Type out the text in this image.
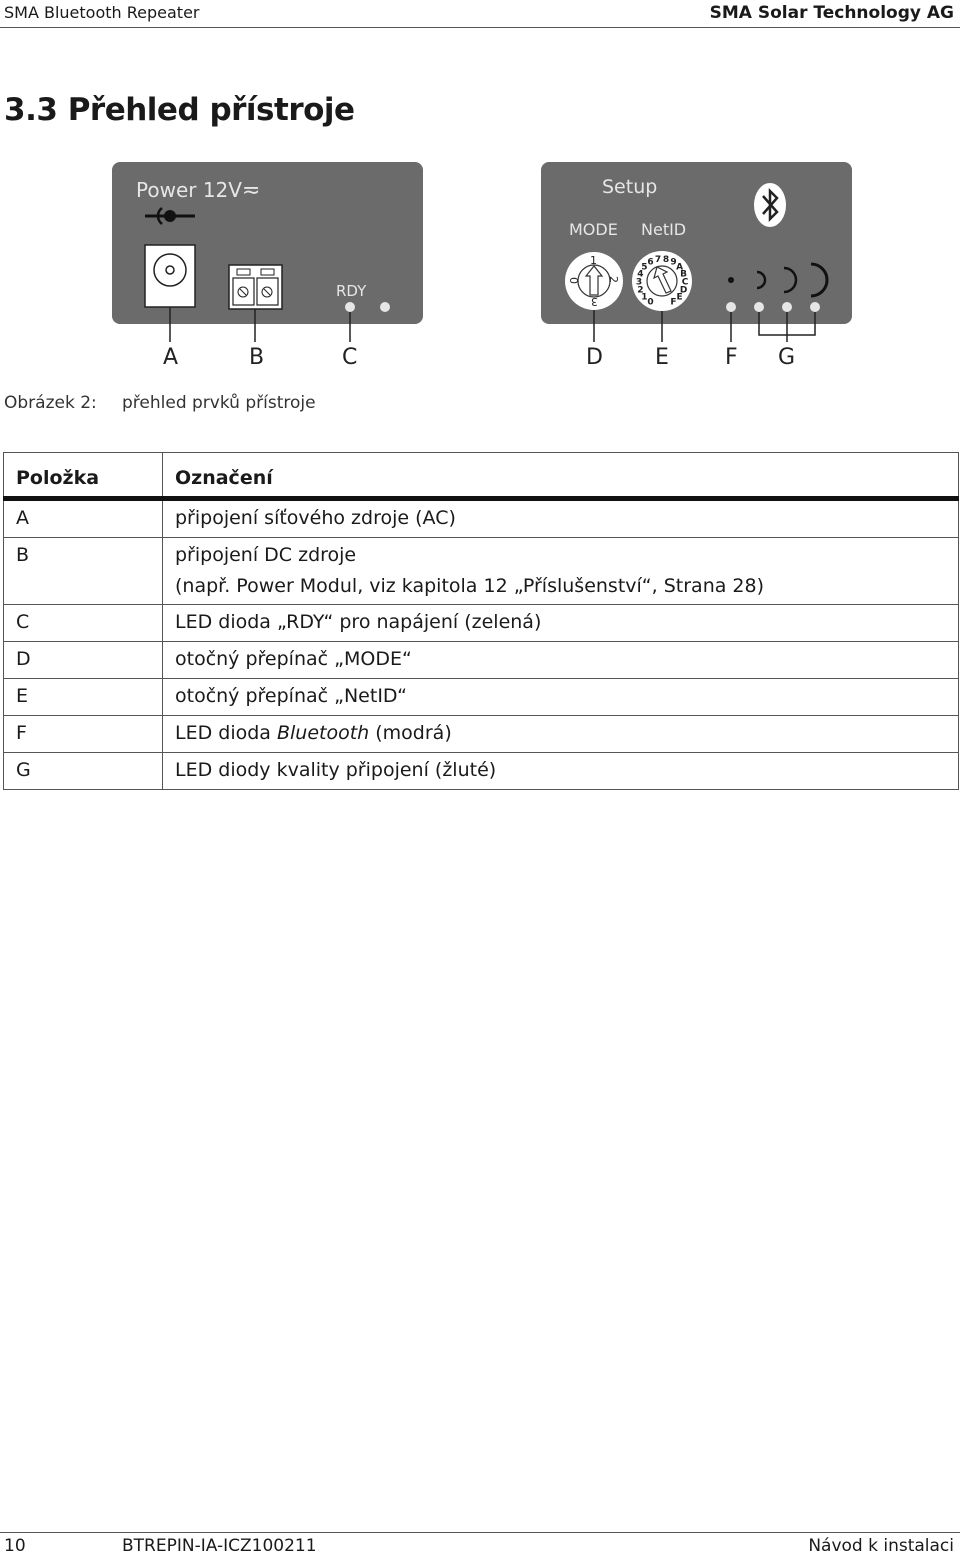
SMA Bluetooth Repeater	SMA Solar Technology AG
3.3 Přehled přístroje
Power 12V ≂
RDY
Setup
MODE NetID
1
2
3
0
0
1
2
3
4
5
6 7 8 9
A
B
C
D
E
F
A	B	C	D E	F G
Obrázek 2: přehled prvků přístroje
Položka	Označení
A	připojení síťového zdroje (AC)
B	připojení DC zdroje
(např. Power Modul, viz kapitola 12 „Příslušenství“, Strana 28)

C	LED dioda „RDY“ pro napájení (zelená)
D	otočný přepínač „MODE“
E	otočný přepínač „NetID“
F	LED dioda Bluetooth (modrá)
G	LED diody kvality připojení (žluté)
10	BTREPIN-IA-ICZ100211	Návod k instalaci
